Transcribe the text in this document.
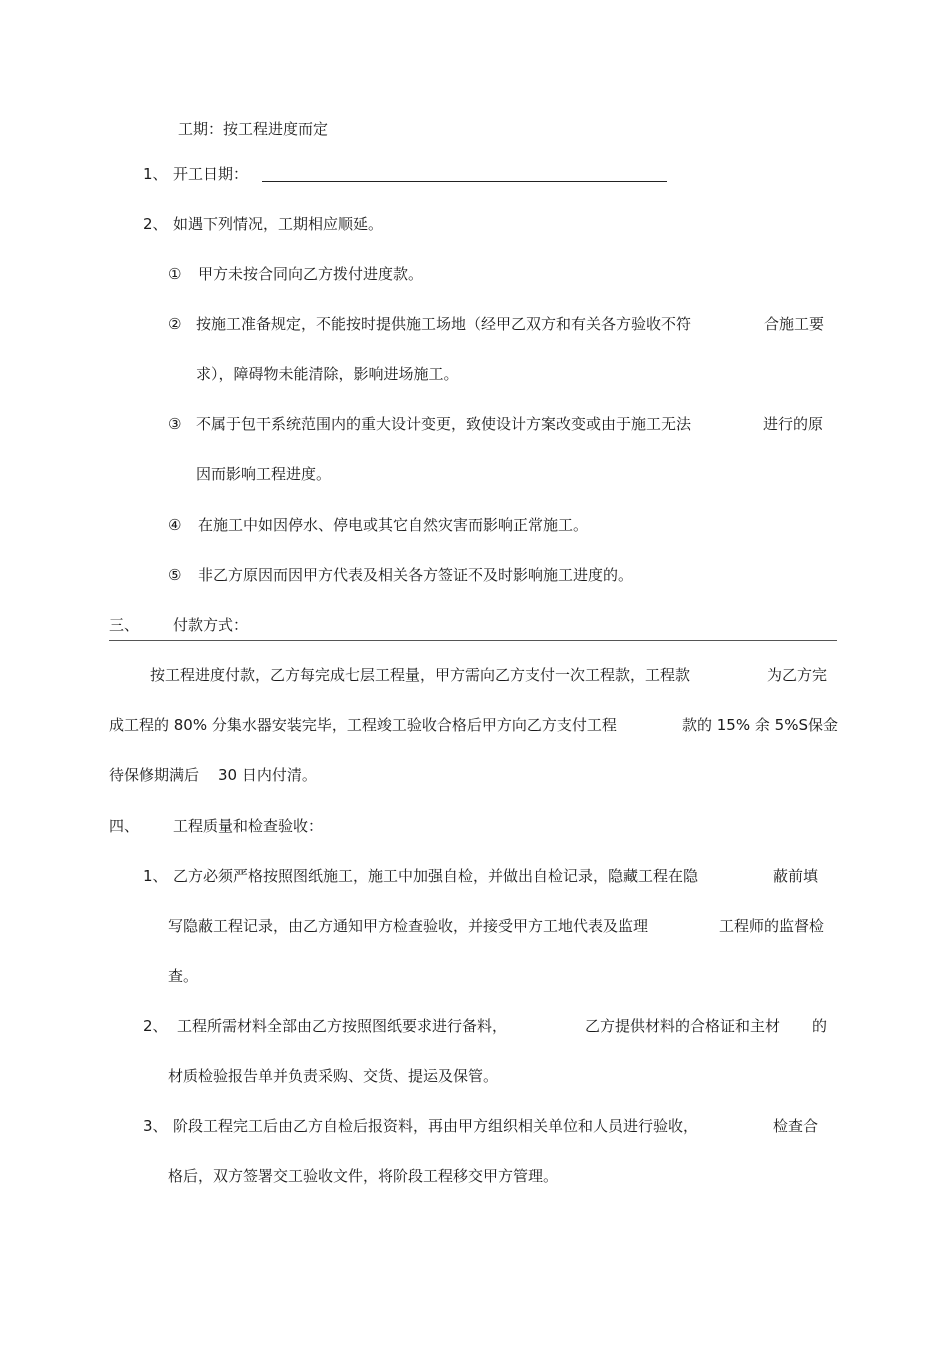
工期：按工程进度而定
1、 开工日期：
2、 如遇下列情况，工期相应顺延。
① 甲方未按合同向乙方拨付进度款。
② 按施工准备规定，不能按时提供施工场地（经甲乙双方和有关各方验收不符	合施工要
求），障碍物未能清除，影响进场施工。
③ 不属于包干系统范围内的重大设计变更，致使设计方案改变或由于施工无法	进行的原
因而影响工程进度。
④ 在施工中如因停水、停电或其它自然灾害而影响正常施工。
⑤ 非乙方原因而因甲方代表及相关各方签证不及时影响施工进度的。
三、 付款方式：
按工程进度付款，乙方每完成七层工程量，甲方需向乙方支付一次工程款，工程款	为乙方完
成工程的 80% 分集水器安装完毕，工程竣工验收合格后甲方向乙方支付工程	款的 15% 余 5%S保金
待保修期满后 30 日内付清。
四、 工程质量和检查验收：
1、 乙方必须严格按照图纸施工，施工中加强自检，并做出自检记录，隐藏工程在隐	蔽前填
写隐蔽工程记录，由乙方通知甲方检查验收，并接受甲方工地代表及监理	工程师的监督检
查。
2、 工程所需材料全部由乙方按照图纸要求进行备料，	乙方提供材料的合格证和主材 的
材质检验报告单并负责采购、交货、提运及保管。
3、 阶段工程完工后由乙方自检后报资料，再由甲方组织相关单位和人员进行验收，	检查合
格后，双方签署交工验收文件，将阶段工程移交甲方管理。
